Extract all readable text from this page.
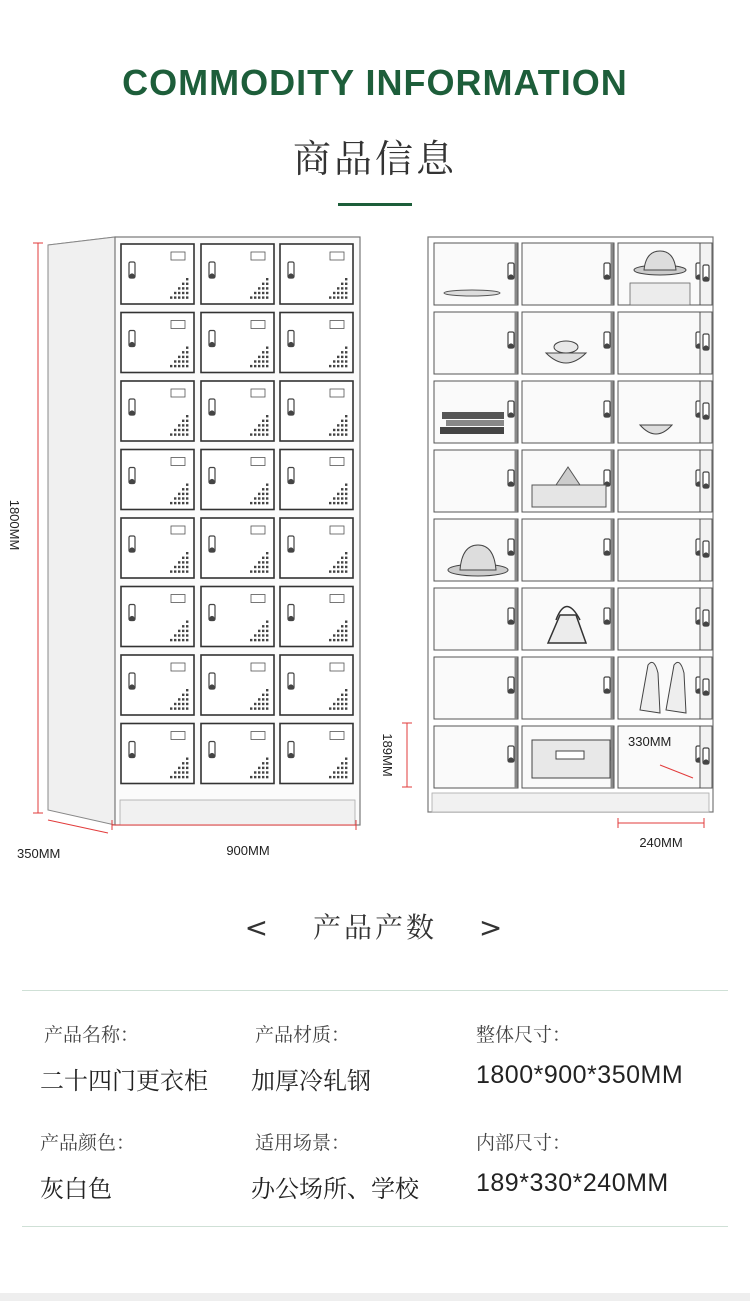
COMMODITY INFORMATION
商品信息
1800MM
350MM	900MM
189MM	330MM
240MM
< 产品产数 >
产品名称：
二十四门更衣柜
产品材质：
加厚冷轧钢
整体尺寸：
1800*900*350MM
产品颜色：
灰白色
适用场景：
办公场所、学校
内部尺寸：
189*330*240MM
